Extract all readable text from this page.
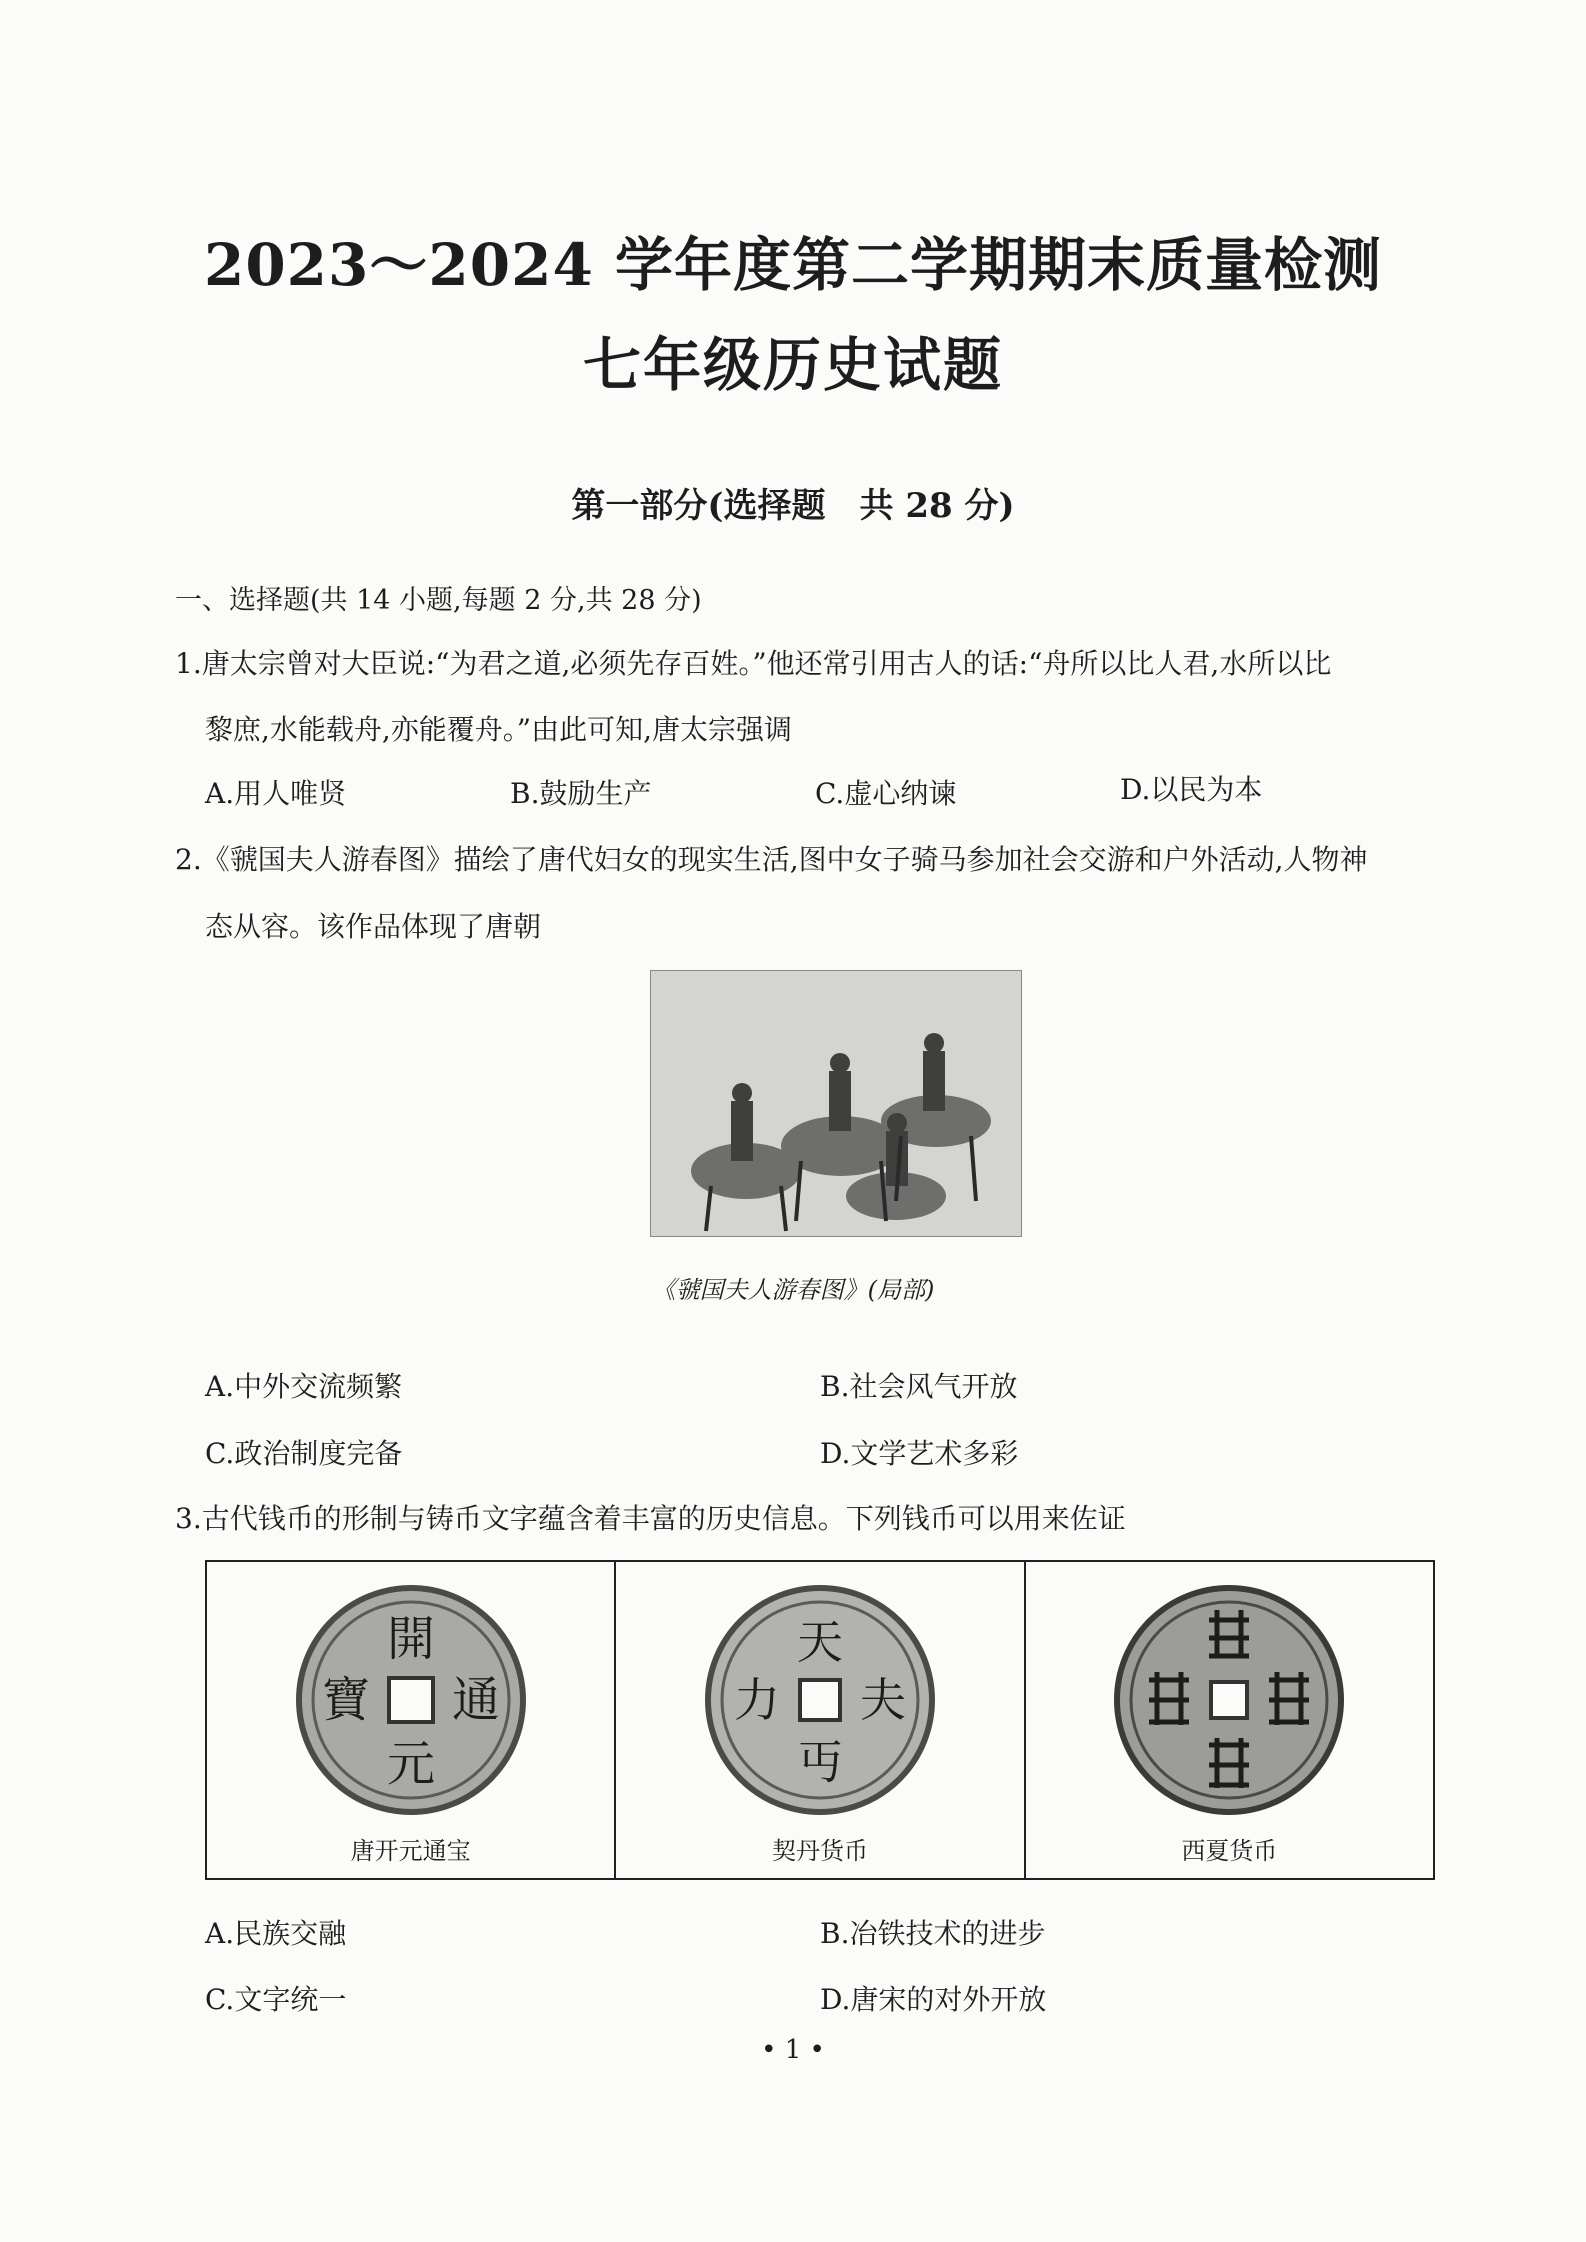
2023～2024 学年度第二学期期末质量检测
七年级历史试题
第一部分(选择题　共 28 分)
一、选择题(共 14 小题,每题 2 分,共 28 分)
1.唐太宗曾对大臣说:“为君之道,必须先存百姓。”他还常引用古人的话:“舟所以比人君,水所以比
黎庶,水能载舟,亦能覆舟。”由此可知,唐太宗强调
A.用人唯贤	B.鼓励生产	C.虚心纳谏	D.以民为本
2.《虢国夫人游春图》描绘了唐代妇女的现实生活,图中女子骑马参加社会交游和户外活动,人物神
态从容。该作品体现了唐朝
《虢国夫人游春图》(局部)
A.中外交流频繁	B.社会风气开放
C.政治制度完备	D.文学艺术多彩
3.古代钱币的形制与铸币文字蕴含着丰富的历史信息。下列钱币可以用来佐证
開
通
元
寶
唐开元通宝
天
夫
丏
力
契丹货币	西夏货币
A.民族交融	B.冶铁技术的进步
C.文字统一	D.唐宋的对外开放
• 1 •
